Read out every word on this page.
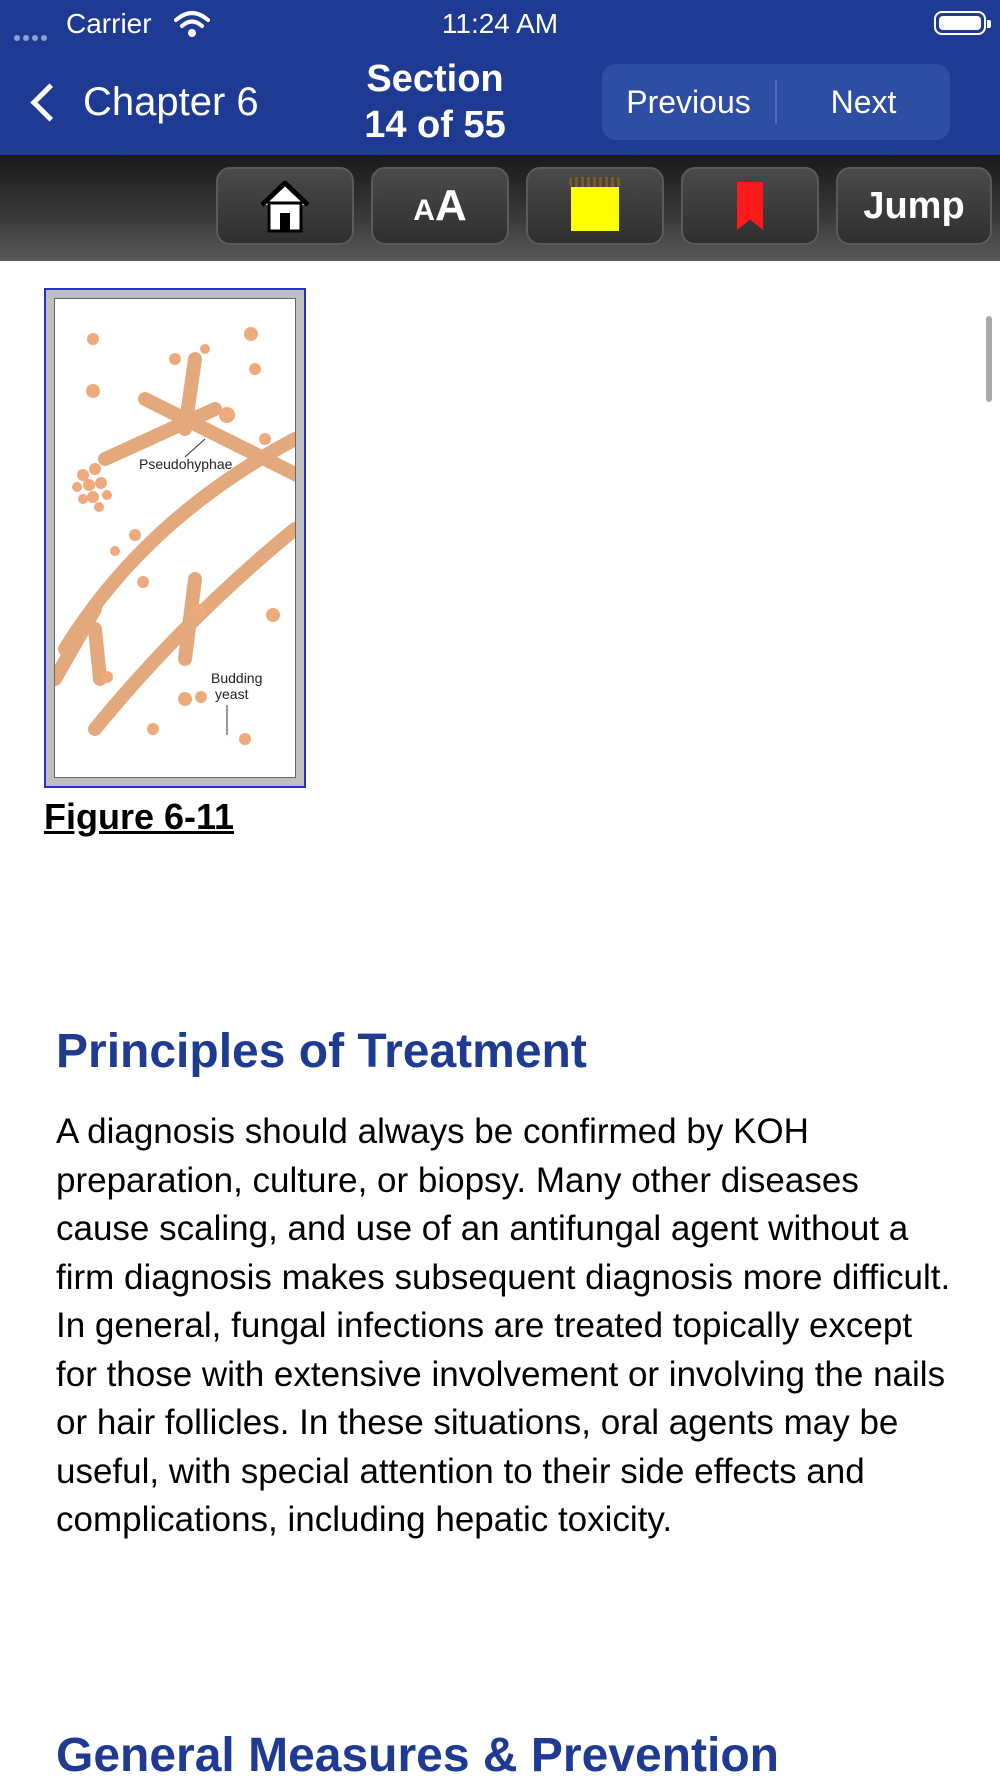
Carrier	11:24 AM
Chapter 6
Section
14 of 55
Previous	Next
AA	Jump
Pseudohyphae
Budding
yeast
Figure 6-11
Principles of Treatment
A diagnosis should always be confirmed by KOH preparation, culture, or biopsy. Many other diseases cause scaling, and use of an antifungal agent without a firm diagnosis makes subsequent diagnosis more difficult. In general, fungal infections are treated topically except for those with extensive involvement or involving the nails or hair follicles. In these situations, oral agents may be useful, with special attention to their side effects and complications, including hepatic toxicity.
General Measures & Prevention
